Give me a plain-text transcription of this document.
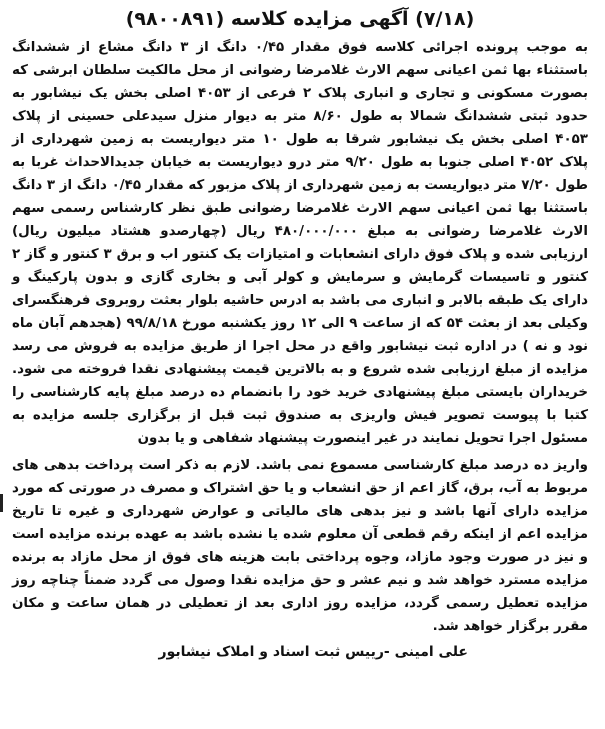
(۷/۱۸) آگهی مزایده کلاسه (۹۸۰۰۸۹۱)

به موجب پرونده اجرائی کلاسه فوق مقدار ۰/۴۵ دانگ از ۳ دانگ مشاع از ششدانگ باستثناء بها ثمن اعیانی سهم الارث غلامرضا رضوانی از محل مالکیت سلطان ابرشی که بصورت مسکونی و تجاری و انباری پلاک ۲ فرعی از ۴۰۵۳ اصلی بخش یک نیشابور به حدود ثبتی ششدانگ شمالا به طول ۸/۶۰ متر به دیوار منزل سیدعلی حسینی از پلاک ۴۰۵۳ اصلی بخش یک نیشابور شرقا به طول ۱۰ متر دیواریست به زمین شهرداری از پلاک ۴۰۵۲ اصلی جنوبا به طول ۹/۲۰ متر درو دیواریست به خیابان جدیدالاحداث غربا به طول ۷/۲۰ متر دیواریست به زمین شهرداری از پلاک مزبور که مقدار ۰/۴۵ دانگ از ۳ دانگ باستثنا بها ثمن اعیانی سهم الارث غلامرضا رضوانی طبق نظر کارشناس رسمی سهم الارث غلامرضا رضوانی به مبلغ ۴۸۰/۰۰۰/۰۰۰ ریال (چهارصدو هشتاد میلیون ریال) ارزیابی شده و پلاک فوق دارای انشعابات و امتیازات یک کنتور اب و برق ۳ کنتور و گاز ۲ کنتور و تاسیسات گرمایش و سرمایش و کولر آبی و بخاری گازی و بدون پارکینگ و دارای یک طبقه بالابر و انباری می باشد به ادرس حاشیه بلوار بعثت روبروی فرهنگسرای وکیلی بعد از بعثت ۵۴ که از ساعت ۹ الی ۱۲ روز یکشنبه مورخ ۹۹/۸/۱۸ (هجدهم آبان ماه نود و نه ) در اداره ثبت نیشابور واقع در محل اجرا از طریق مزایده به فروش می رسد مزایده از مبلغ ارزیابی شده شروع و به بالاترین قیمت پیشنهادی نقدا فروخته می شود. خریداران بایستی مبلغ پیشنهادی خرید خود را بانضمام ده درصد مبلغ پایه کارشناسی را کتبا با پیوست تصویر فیش واریزی به صندوق ثبت قبل از برگزاری جلسه مزایده به مسئول اجرا تحویل نمایند در غیر اینصورت پیشنهاد شفاهی و یا بدون

واریز ده درصد مبلغ کارشناسی مسموع نمی باشد. لازم به ذکر است پرداخت بدهی های مربوط به آب، برق، گاز اعم از حق انشعاب و یا حق اشتراک و مصرف در صورتی که مورد مزایده دارای آنها باشد و نیز بدهی های مالیاتی و عوارض شهرداری و غیره تا تاریخ مزایده اعم از اینکه رقم قطعی آن معلوم شده یا نشده باشد به عهده برنده مزایده است و نیز در صورت وجود مازاد، وجوه پرداختی بابت هزینه های فوق از محل مازاد به برنده مزایده مسترد خواهد شد و نیم عشر و حق مزایده نقدا وصول می گردد ضمناً چناچه روز مزایده تعطیل رسمی گردد، مزایده روز اداری بعد از تعطیلی در همان ساعت و مکان مقرر برگزار خواهد شد.

علی امینی -رییس ثبت اسناد و املاک نیشابور
